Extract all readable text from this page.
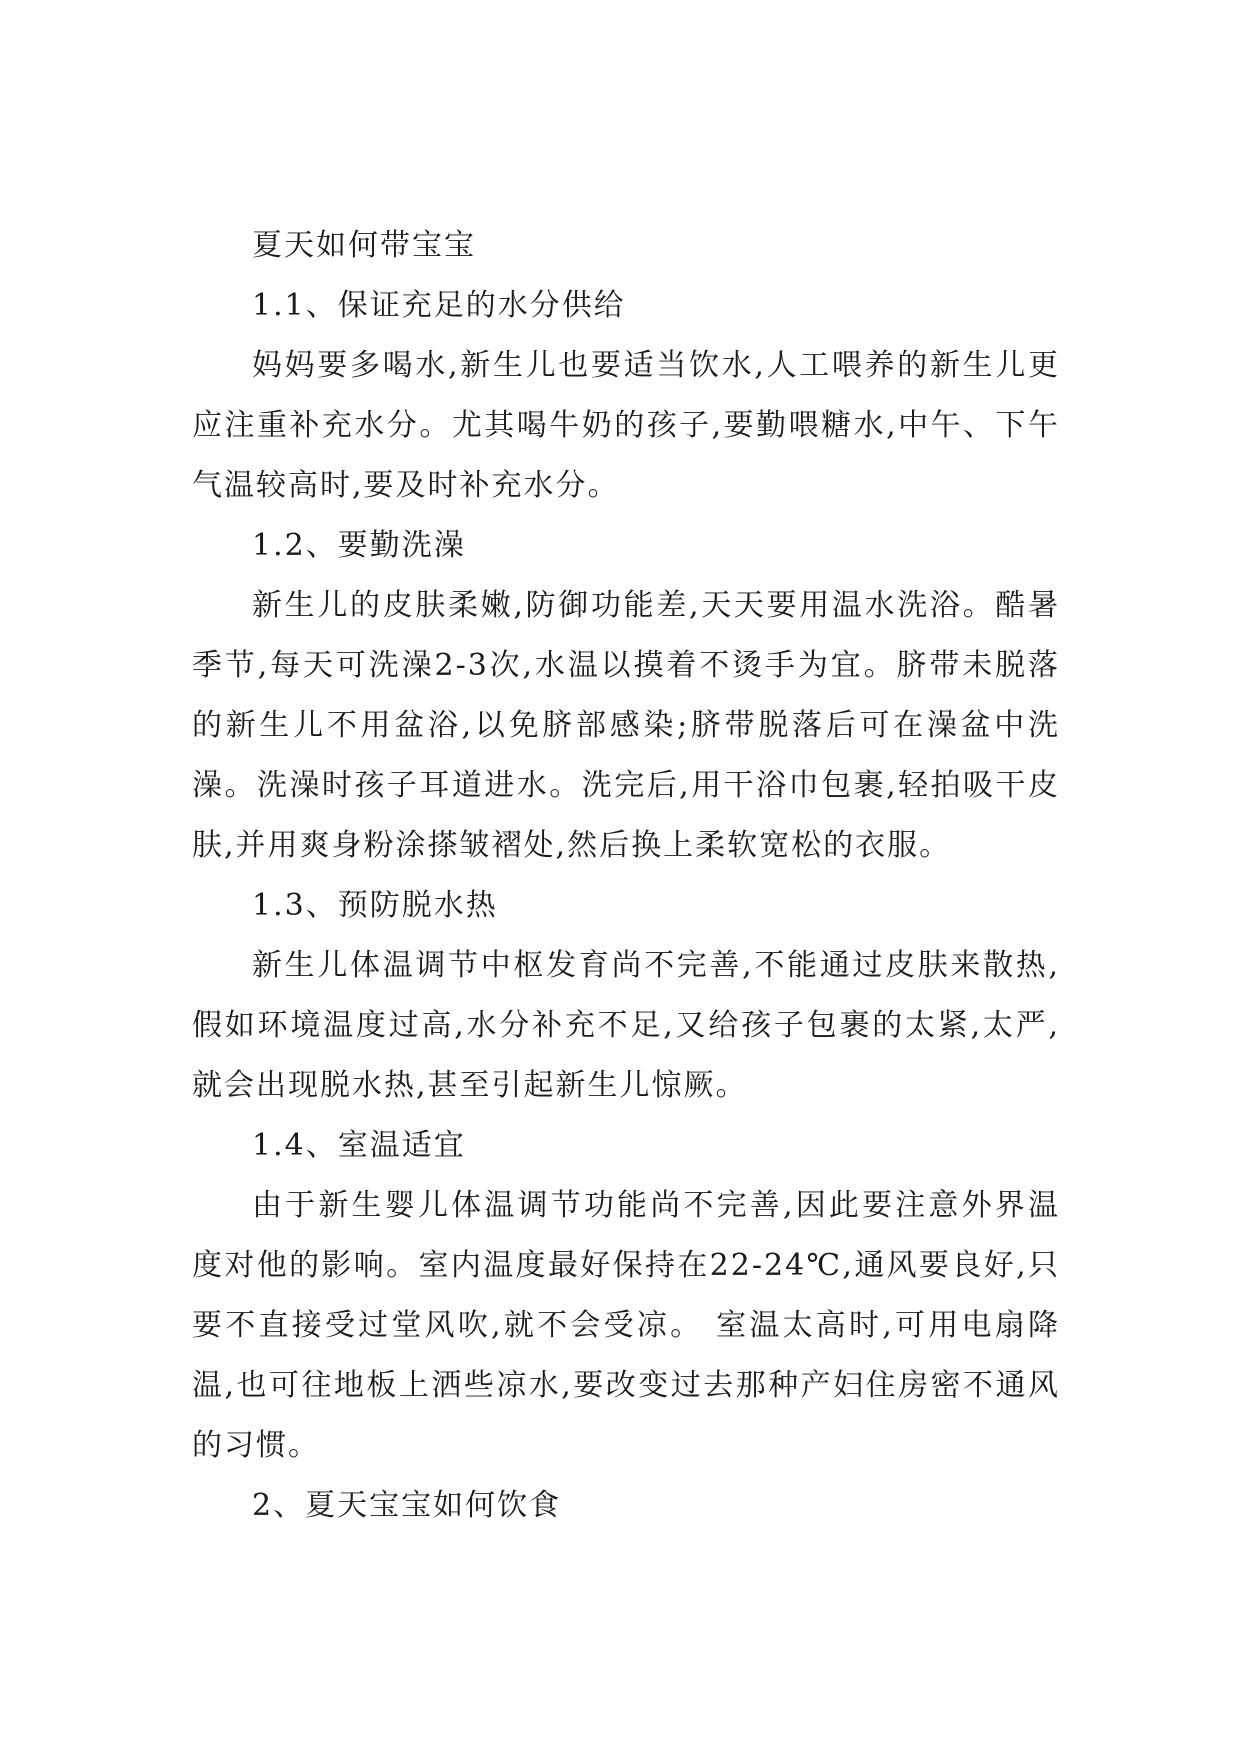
夏天如何带宝宝

1.1、保证充足的水分供给

妈妈要多喝水,新生儿也要适当饮水,人工喂养的新生儿更应注重补充水分。尤其喝牛奶的孩子,要勤喂糖水,中午、下午气温较高时,要及时补充水分。

1.2、要勤洗澡

新生儿的皮肤柔嫩,防御功能差,天天要用温水洗浴。酷暑季节,每天可洗澡2-3次,水温以摸着不烫手为宜。脐带未脱落的新生儿不用盆浴,以免脐部感染;脐带脱落后可在澡盆中洗澡。洗澡时孩子耳道进水。洗完后,用干浴巾包裹,轻拍吸干皮肤,并用爽身粉涂搽皱褶处,然后换上柔软宽松的衣服。

1.3、预防脱水热

新生儿体温调节中枢发育尚不完善,不能通过皮肤来散热,假如环境温度过高,水分补充不足,又给孩子包裹的太紧,太严,就会出现脱水热,甚至引起新生儿惊厥。

1.4、室温适宜

由于新生婴儿体温调节功能尚不完善,因此要注意外界温度对他的影响。室内温度最好保持在22-24℃,通风要良好,只要不直接受过堂风吹,就不会受凉。 室温太高时,可用电扇降温,也可往地板上洒些凉水,要改变过去那种产妇住房密不通风的习惯。

2、夏天宝宝如何饮食
